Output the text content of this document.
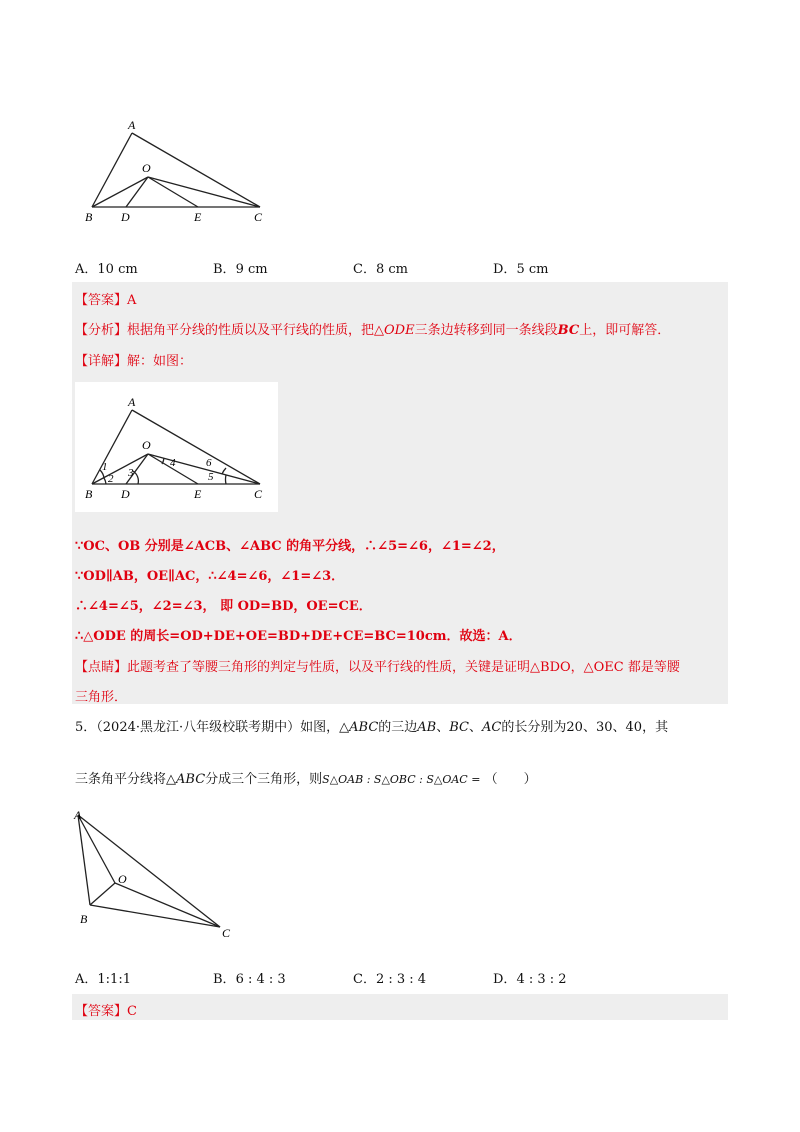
A
O
B D	E	C
A．10 cm	B．9 cm	C．8 cm	D．5 cm
【答案】A
【分析】根据角平分线的性质以及平行线的性质，把△ODE三条边转移到同一条线段BC上，即可解答．
【详解】解：如图：
A
O
B D	E	C
1
2 3
4
5
6
∵OC、OB 分别是∠ACB、∠ABC 的角平分线，∴∠5=∠6，∠1=∠2，
∵OD∥AB，OE∥AC，∴∠4=∠6，∠1=∠3．
∴∠4=∠5，∠2=∠3， 即 OD=BD，OE=CE．
∴△ODE 的周长=OD+DE+OE=BD+DE+CE=BC=10cm．故选：A．
【点睛】此题考查了等腰三角形的判定与性质，以及平行线的性质，关键是证明△BDO，△OEC 都是等腰
三角形．
5．（2024·黑龙江·八年级校联考期中）如图，△ABC的三边AB、BC、AC的长分别为20、30、40，其
三条角平分线将△ABC分成三个三角形，则S△OAB : S△OBC : S△OAC = （　　）
A
O
B
C
A．1:1:1	B．6 : 4 : 3	C．2 : 3 : 4	D．4 : 3 : 2
【答案】C
